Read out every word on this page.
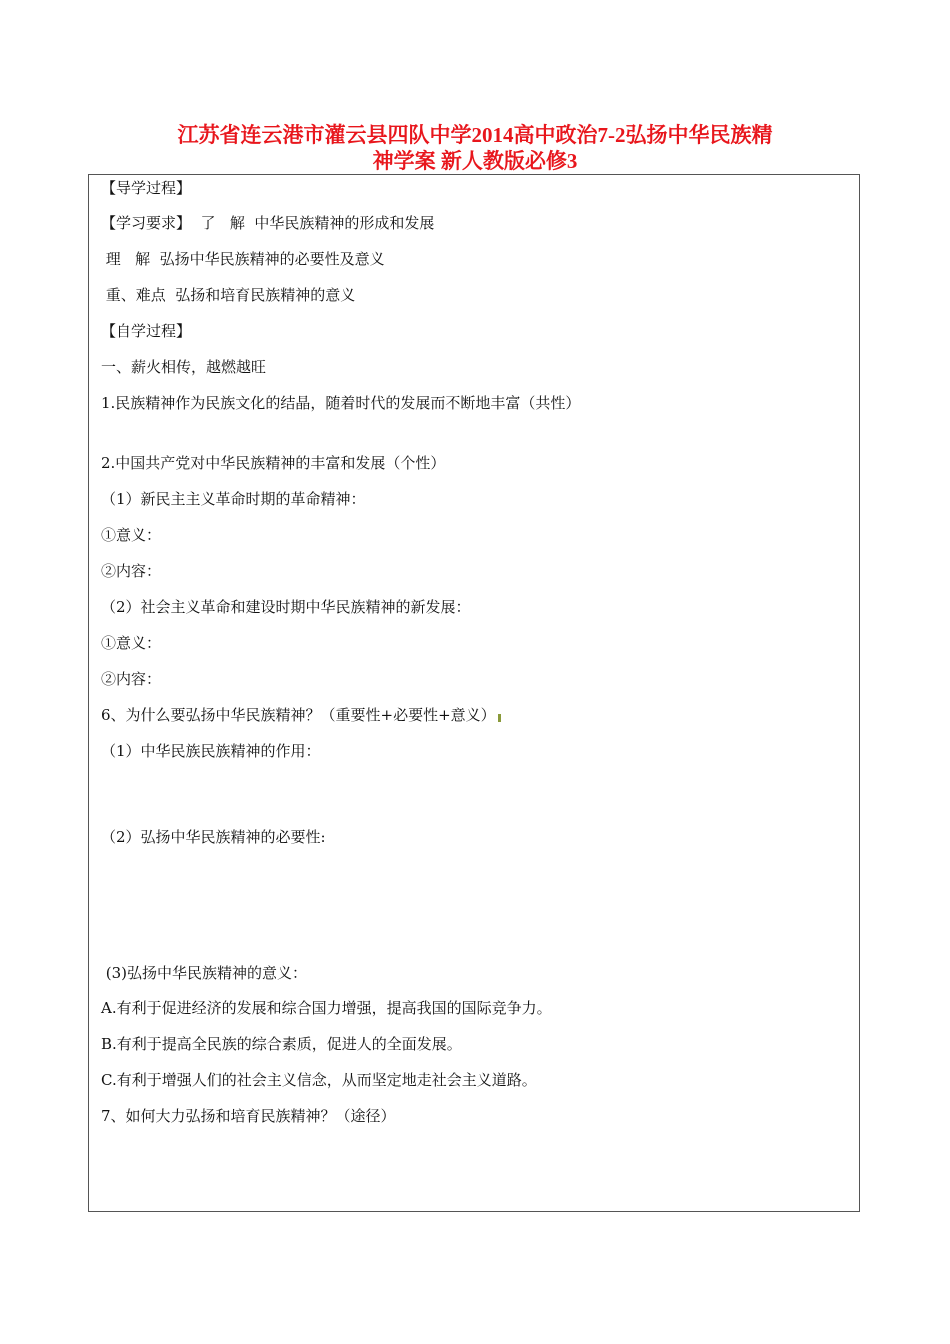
江苏省连云港市灌云县四队中学2014高中政治7-2弘扬中华民族精
神学案 新人教版必修3
【导学过程】
【学习要求】  了   解  中华民族精神的形成和发展
理   解  弘扬中华民族精神的必要性及意义
重、难点  弘扬和培育民族精神的意义
【自学过程】
一、薪火相传，越燃越旺
1.民族精神作为民族文化的结晶，随着时代的发展而不断地丰富（共性）
2.中国共产党对中华民族精神的丰富和发展（个性）
（1）新民主主义革命时期的革命精神：
①意义：
②内容：
（2）社会主义革命和建设时期中华民族精神的新发展：
①意义：
②内容：
6、为什么要弘扬中华民族精神？（重要性+必要性+意义）
（1）中华民族民族精神的作用：
（2）弘扬中华民族精神的必要性:
(3)弘扬中华民族精神的意义：
A.有利于促进经济的发展和综合国力增强，提高我国的国际竞争力。
B.有利于提高全民族的综合素质，促进人的全面发展。
C.有利于增强人们的社会主义信念，从而坚定地走社会主义道路。
7、如何大力弘扬和培育民族精神？（途径）
